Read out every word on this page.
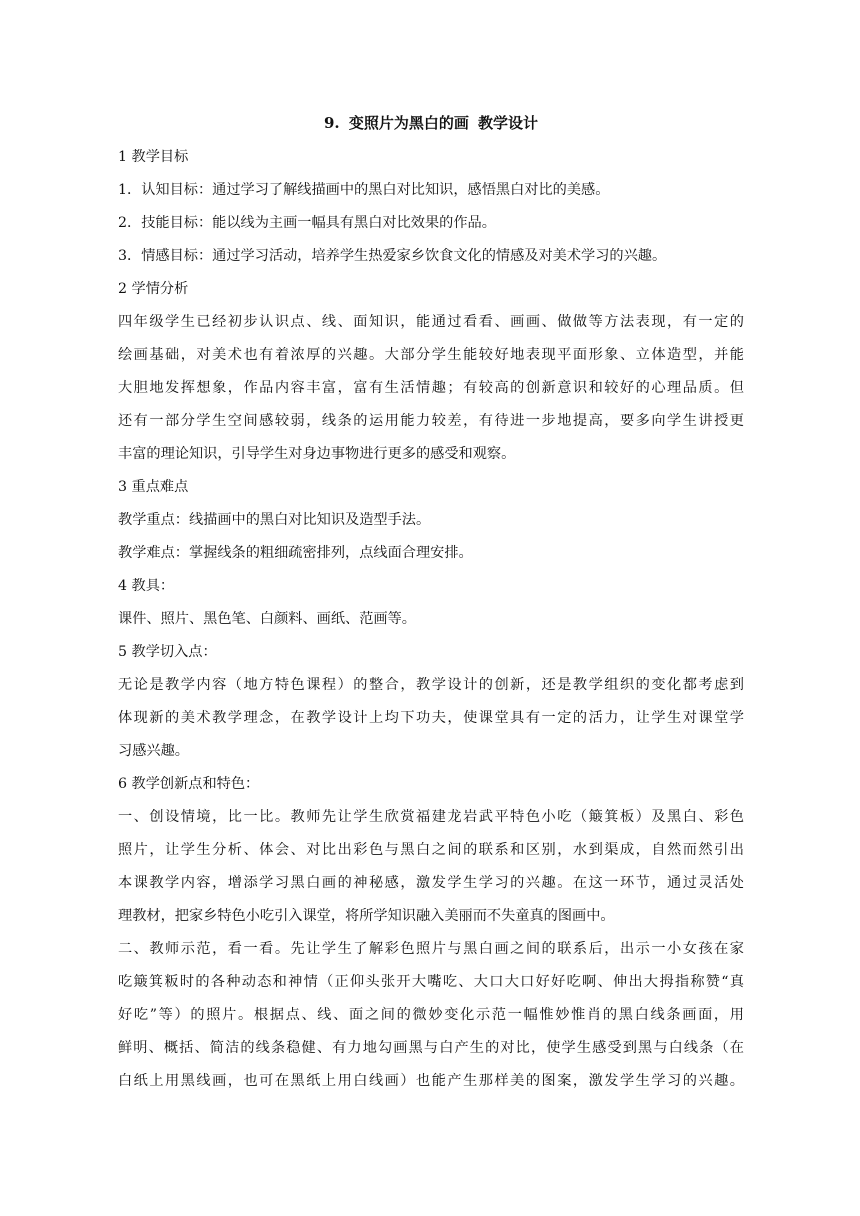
9. 变照片为黑白的画 教学设计
1 教学目标
1．认知目标：通过学习了解线描画中的黑白对比知识，感悟黑白对比的美感。
2．技能目标：能以线为主画一幅具有黑白对比效果的作品。
3．情感目标：通过学习活动，培养学生热爱家乡饮食文化的情感及对美术学习的兴趣。
2 学情分析
四年级学生已经初步认识点、线、面知识，能通过看看、画画、做做等方法表现，有一定的
绘画基础，对美术也有着浓厚的兴趣。大部分学生能较好地表现平面形象、立体造型，并能
大胆地发挥想象，作品内容丰富，富有生活情趣；有较高的创新意识和较好的心理品质。但
还有一部分学生空间感较弱，线条的运用能力较差，有待进一步地提高，要多向学生讲授更
丰富的理论知识，引导学生对身边事物进行更多的感受和观察。
3 重点难点
教学重点：线描画中的黑白对比知识及造型手法。
教学难点：掌握线条的粗细疏密排列，点线面合理安排。
4 教具：
课件、照片、黑色笔、白颜料、画纸、范画等。
5 教学切入点：
无论是教学内容（地方特色课程）的整合，教学设计的创新，还是教学组织的变化都考虑到
体现新的美术教学理念，在教学设计上均下功夫，使课堂具有一定的活力，让学生对课堂学
习感兴趣。
6 教学创新点和特色：
一、创设情境，比一比。教师先让学生欣赏福建龙岩武平特色小吃（簸箕板）及黑白、彩色
照片，让学生分析、体会、对比出彩色与黑白之间的联系和区别，水到渠成，自然而然引出
本课教学内容，增添学习黑白画的神秘感，激发学生学习的兴趣。在这一环节，通过灵活处
理教材，把家乡特色小吃引入课堂，将所学知识融入美丽而不失童真的图画中。
二、教师示范，看一看。先让学生了解彩色照片与黑白画之间的联系后，出示一小女孩在家
吃簸箕粄时的各种动态和神情（正仰头张开大嘴吃、大口大口好好吃啊、伸出大拇指称赞“真
好吃”等）的照片。根据点、线、面之间的微妙变化示范一幅惟妙惟肖的黑白线条画面，用
鲜明、概括、简洁的线条稳健、有力地勾画黑与白产生的对比，使学生感受到黑与白线条（在
白纸上用黑线画，也可在黑纸上用白线画）也能产生那样美的图案，激发学生学习的兴趣。
